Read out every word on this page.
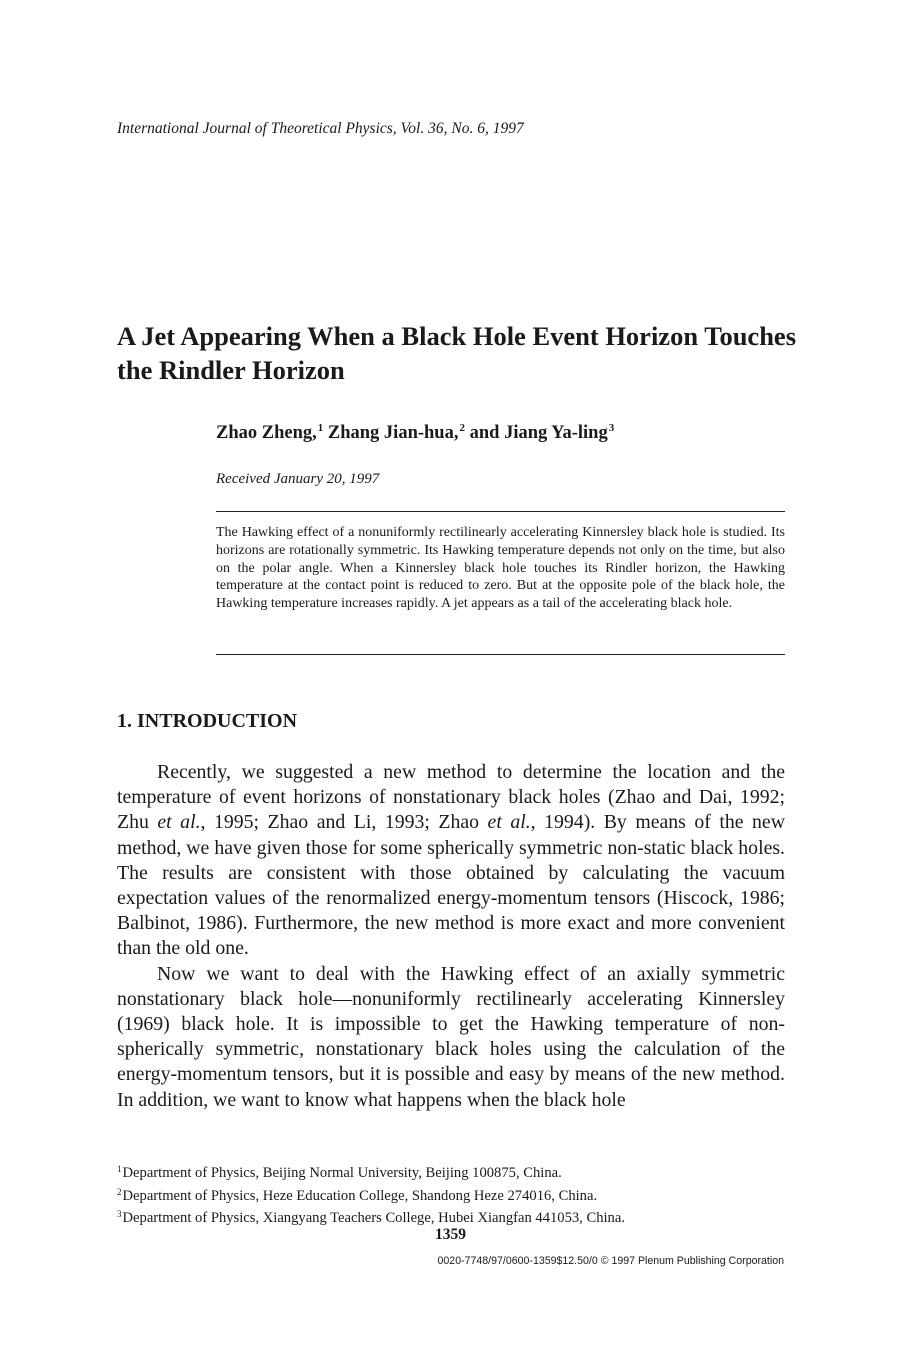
International Journal of Theoretical Physics, Vol. 36, No. 6, 1997
A Jet Appearing When a Black Hole Event Horizon Touches the Rindler Horizon
Zhao Zheng,$^1$ Zhang Jian-hua,$^2$ and Jiang Ya-ling$^3$
Received January 20, 1997
The Hawking effect of a nonuniformly rectilinearly accelerating Kinnersley black hole is studied. Its horizons are rotationally symmetric. Its Hawking temperature depends not only on the time, but also on the polar angle. When a Kinnersley black hole touches its Rindler horizon, the Hawking temperature at the contact point is reduced to zero. But at the opposite pole of the black hole, the Hawking temperature increases rapidly. A jet appears as a tail of the accelerating black hole.
1. INTRODUCTION

Recently, we suggested a new method to determine the location and the temperature of event horizons of nonstationary black holes (Zhao and Dai, 1992; Zhu et al., 1995; Zhao and Li, 1993; Zhao et al., 1994). By means of the new method, we have given those for some spherically symmetric non-static black holes. The results are consistent with those obtained by calculating the vacuum expectation values of the renormalized energy-momentum tensors (Hiscock, 1986; Balbinot, 1986). Furthermore, the new method is more exact and more convenient than the old one.

Now we want to deal with the Hawking effect of an axially symmetric nonstationary black hole—nonuniformly rectilinearly accelerating Kinnersley (1969) black hole. It is impossible to get the Hawking temperature of non-spherically symmetric, nonstationary black holes using the calculation of the energy-momentum tensors, but it is possible and easy by means of the new method. In addition, we want to know what happens when the black hole

$^1$Department of Physics, Beijing Normal University, Beijing 100875, China.
$^2$Department of Physics, Heze Education College, Shandong Heze 274016, China.
$^3$Department of Physics, Xiangyang Teachers College, Hubei Xiangfan 441053, China.
1359
0020-7748/97/0600-1359$12.50/0 © 1997 Plenum Publishing Corporation
